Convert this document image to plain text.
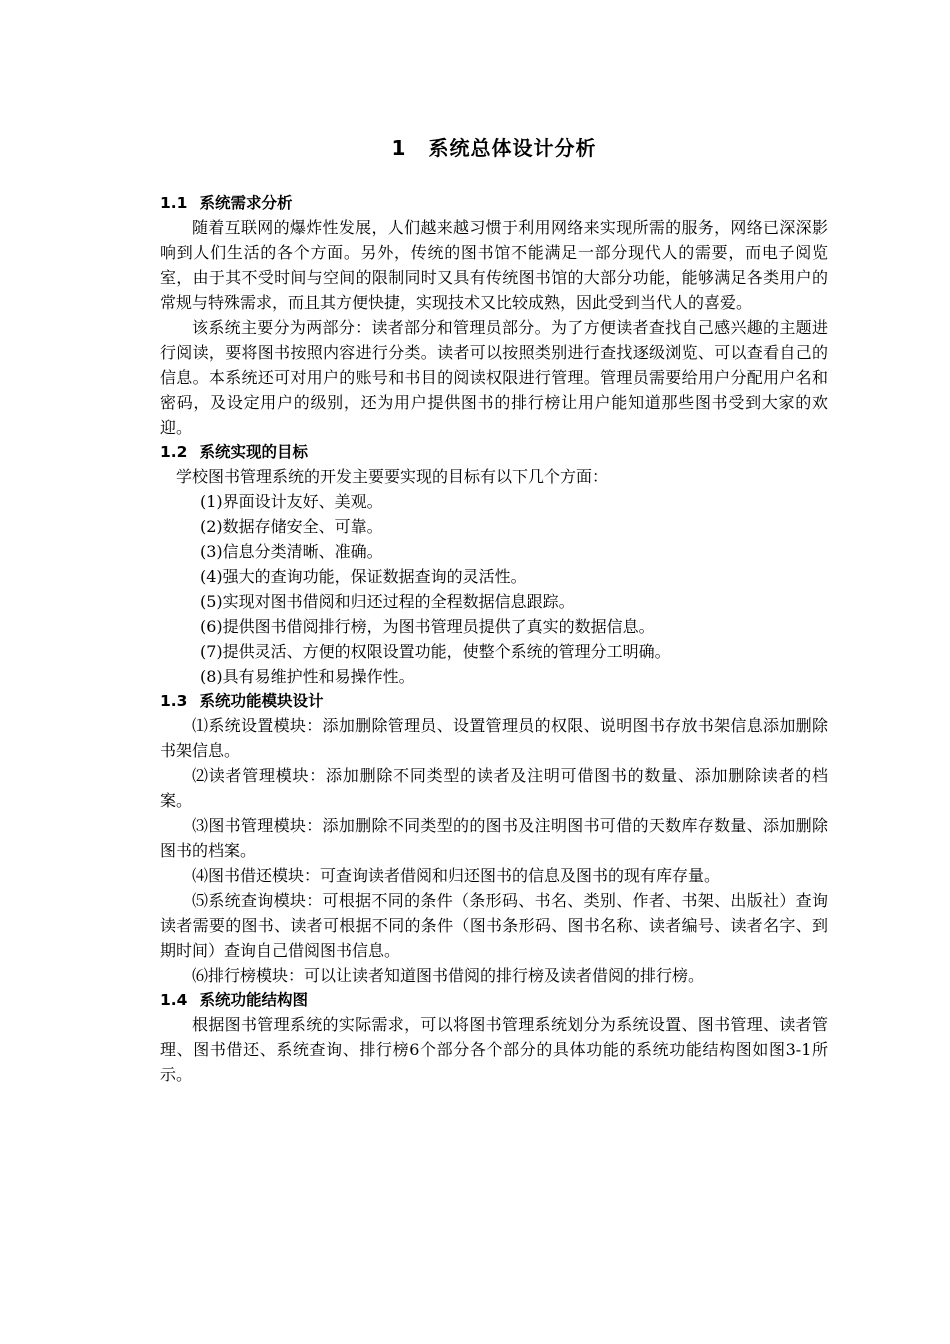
1 系统总体设计分析
1.1 系统需求分析

随着互联网的爆炸性发展，人们越来越习惯于利用网络来实现所需的服务，网络已深深影响到人们生活的各个方面。另外，传统的图书馆不能满足一部分现代人的需要，而电子阅览室，由于其不受时间与空间的限制同时又具有传统图书馆的大部分功能，能够满足各类用户的常规与特殊需求，而且其方便快捷，实现技术又比较成熟，因此受到当代人的喜爱。

该系统主要分为两部分：读者部分和管理员部分。为了方便读者查找自己感兴趣的主题进行阅读，要将图书按照内容进行分类。读者可以按照类别进行查找逐级浏览、可以查看自己的信息。本系统还可对用户的账号和书目的阅读权限进行管理。管理员需要给用户分配用户名和密码，及设定用户的级别，还为用户提供图书的排行榜让用户能知道那些图书受到大家的欢迎。

1.2 系统实现的目标

学校图书管理系统的开发主要要实现的目标有以下几个方面：

(1)界面设计友好、美观。

(2)数据存储安全、可靠。

(3)信息分类清晰、准确。

(4)强大的查询功能，保证数据查询的灵活性。

(5)实现对图书借阅和归还过程的全程数据信息跟踪。

(6)提供图书借阅排行榜，为图书管理员提供了真实的数据信息。

(7)提供灵活、方便的权限设置功能，使整个系统的管理分工明确。

(8)具有易维护性和易操作性。

1.3 系统功能模块设计

⑴系统设置模块：添加删除管理员、设置管理员的权限、说明图书存放书架信息添加删除书架信息。

⑵读者管理模块：添加删除不同类型的读者及注明可借图书的数量、添加删除读者的档案。

⑶图书管理模块：添加删除不同类型的的图书及注明图书可借的天数库存数量、添加删除图书的档案。

⑷图书借还模块：可查询读者借阅和归还图书的信息及图书的现有库存量。

⑸系统查询模块：可根据不同的条件（条形码、书名、类别、作者、书架、出版社）查询读者需要的图书、读者可根据不同的条件（图书条形码、图书名称、读者编号、读者名字、到期时间）查询自己借阅图书信息。

⑹排行榜模块：可以让读者知道图书借阅的排行榜及读者借阅的排行榜。

1.4 系统功能结构图

根据图书管理系统的实际需求，可以将图书管理系统划分为系统设置、图书管理、读者管理、图书借还、系统查询、排行榜6个部分各个部分的具体功能的系统功能结构图如图3-1所示。
